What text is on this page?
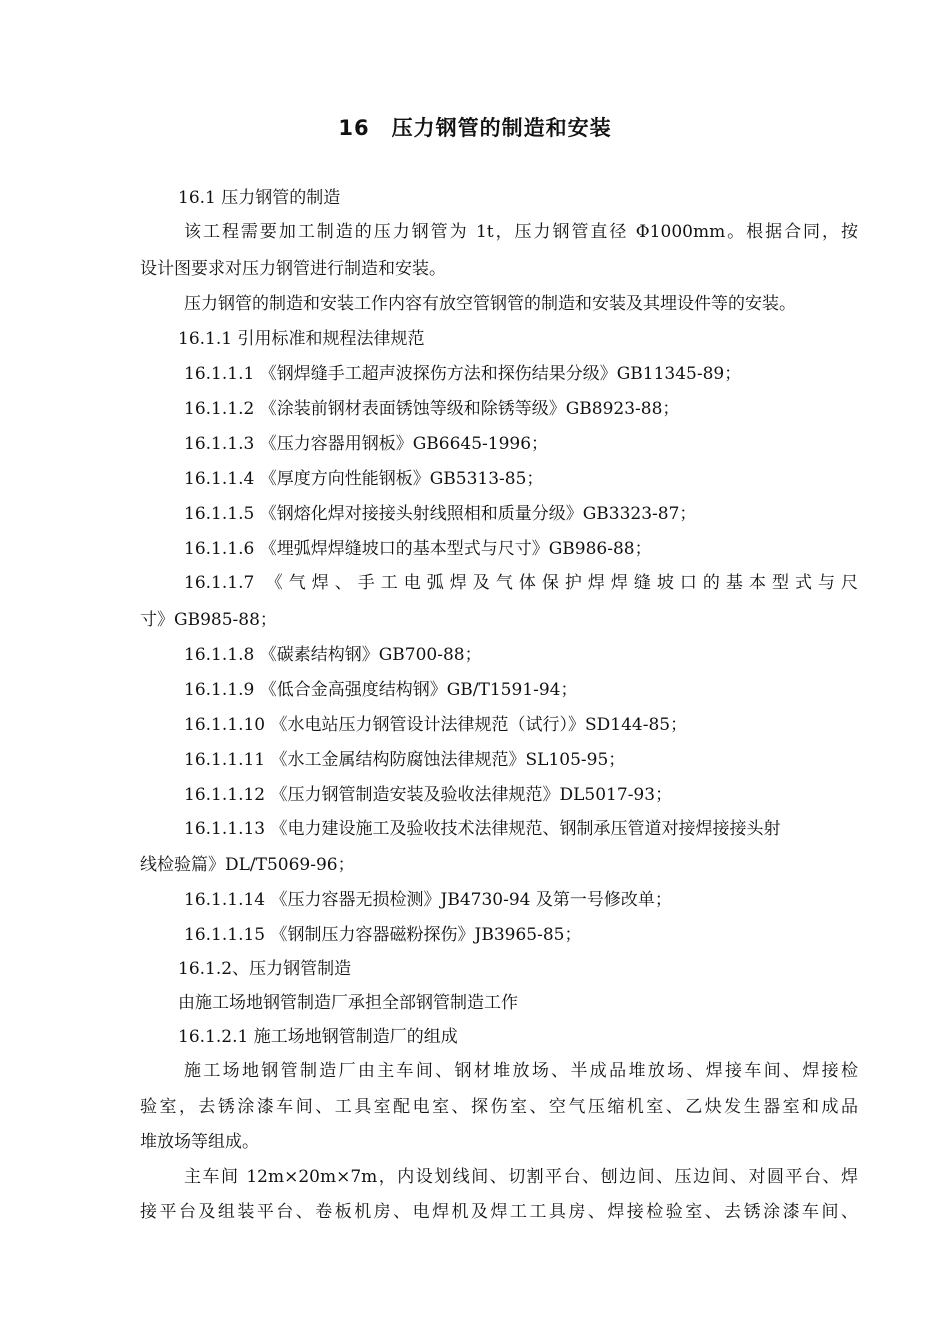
16　压力钢管的制造和安装
16.1 压力钢管的制造
该工程需要加工制造的压力钢管为 1t，压力钢管直径 Φ1000mm。根据合同，按
设计图要求对压力钢管进行制造和安装。
压力钢管的制造和安装工作内容有放空管钢管的制造和安装及其埋设件等的安装。
16.1.1 引用标准和规程法律规范
16.1.1.1 《钢焊缝手工超声波探伤方法和探伤结果分级》GB11345-89；
16.1.1.2 《涂装前钢材表面锈蚀等级和除锈等级》GB8923-88；
16.1.1.3 《压力容器用钢板》GB6645-1996；
16.1.1.4 《厚度方向性能钢板》GB5313-85；
16.1.1.5 《钢熔化焊对接接头射线照相和质量分级》GB3323-87；
16.1.1.6 《埋弧焊焊缝坡口的基本型式与尺寸》GB986-88；
16.1.1.7 《气焊、手工电弧焊及气体保护焊焊缝坡口的基本型式与尺
寸》GB985-88；
16.1.1.8 《碳素结构钢》GB700-88；
16.1.1.9 《低合金高强度结构钢》GB/T1591-94；
16.1.1.10 《水电站压力钢管设计法律规范（试行）》SD144-85；
16.1.1.11 《水工金属结构防腐蚀法律规范》SL105-95；
16.1.1.12 《压力钢管制造安装及验收法律规范》DL5017-93；
16.1.1.13 《电力建设施工及验收技术法律规范、钢制承压管道对接焊接接头射
线检验篇》DL/T5069-96；
16.1.1.14 《压力容器无损检测》JB4730-94 及第一号修改单；
16.1.1.15 《钢制压力容器磁粉探伤》JB3965-85；
16.1.2、压力钢管制造
由施工场地钢管制造厂承担全部钢管制造工作
16.1.2.1 施工场地钢管制造厂的组成
施工场地钢管制造厂由主车间、钢材堆放场、半成品堆放场、焊接车间、焊接检
验室，去锈涂漆车间、工具室配电室、探伤室、空气压缩机室、乙炔发生器室和成品
堆放场等组成。
主车间 12m×20m×7m，内设划线间、切割平台、刨边间、压边间、对圆平台、焊
接平台及组装平台、卷板机房、电焊机及焊工工具房、焊接检验室、去锈涂漆车间、
